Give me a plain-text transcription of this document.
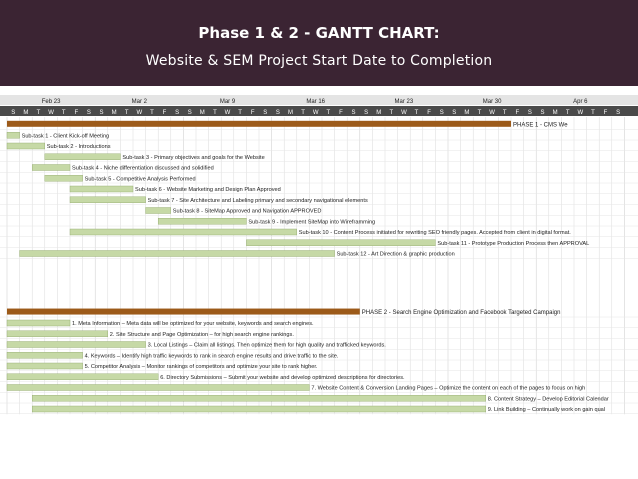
Phase 1 & 2 - GANTT CHART:
Website & SEM Project Start Date to Completion
Feb 23	Mar 2	Mar 9	Mar 16	Mar 23	Mar 30	Apr 6
S M T W T F S S M T W T F S S M T W T F S S M T W T F S S M T W T F S S M T W T F S S M T W T F S
PHASE 1 - CMS We
Sub-task 1 - Client Kick-off Meeting
Sub-task 2 - Introductions
Sub-task 3 - Primary objectives and goals for the Website
Sub-task 4 - Niche differentiation discussed and solidified
Sub-task 5 - Competitive Analysis Performed
Sub-task 6 - Website Marketing and Design Plan Approved
Sub-task 7 - Site Architecture and Labeling primary and secondary navigational elements
Sub-task 8 - SiteMap Approved and Navigation APPROVED
Sub-task 9 - Implement SiteMap into Wireframming
Sub-task 10 - Content Process initiated for rewriting SEO friendly pages. Accepted from client in digital format.
Sub-task 11 - Prototype Production Process then APPROVAL
Sub-task 12 - Art Direction & graphic production
PHASE 2 - Search Engine Optimization and Facebook Targeted Campaign
1. Meta Information – Meta data will be optimized for your website, keywords and search engines.
2. Site Structure and Page Optimization – for high search engine rankings.
3. Local Listings – Claim all listings. Then optimize them for high quality and trafficked keywords.
4. Keywords – Identify high traffic keywords to rank in search engine results and drive traffic to the site.
5. Competitor Analysis – Monitor rankings of competitors and optimize your site to rank higher.
6. Directory Submissions – Submit your website and develop optimized descriptions for directories.
7. Website Content & Conversion Landing Pages – Optimize the content on each of the pages to focus on high
8. Content Strategy – Develop Editorial Calendar
9. Link Building – Continually work on gain qual
